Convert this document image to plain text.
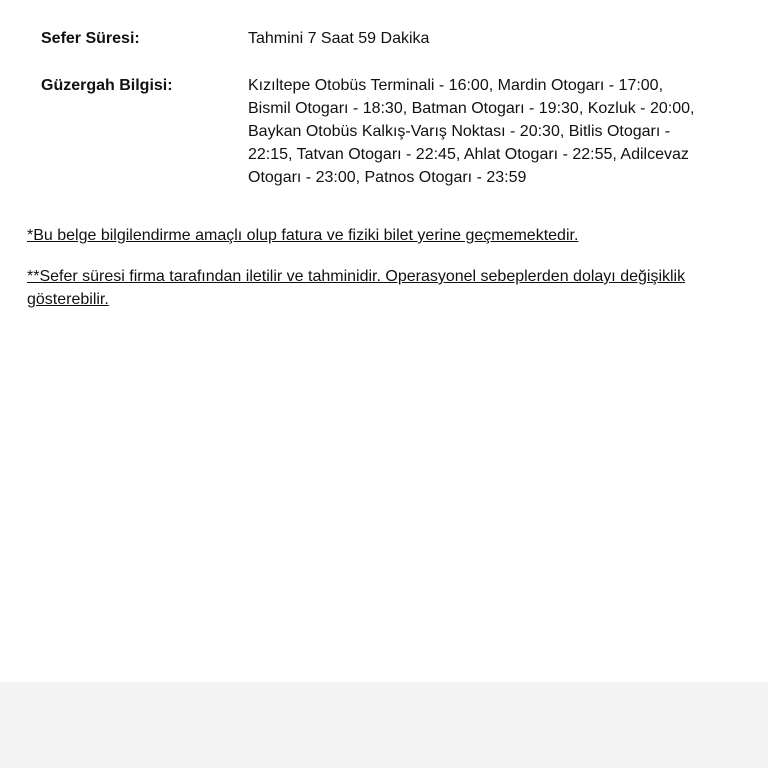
Sefer Süresi:	Tahmini 7 Saat 59 Dakika
Güzergah Bilgisi:	Kızıltepe Otobüs Terminali - 16:00, Mardin Otogarı - 17:00, Bismil Otogarı - 18:30, Batman Otogarı - 19:30, Kozluk - 20:00, Baykan Otobüs Kalkış-Varış Noktası - 20:30, Bitlis Otogarı - 22:15, Tatvan Otogarı - 22:45, Ahlat Otogarı - 22:55, Adilcevaz Otogarı - 23:00, Patnos Otogarı - 23:59
*Bu belge bilgilendirme amaçlı olup fatura ve fiziki bilet yerine geçmemektedir.
**Sefer süresi firma tarafından iletilir ve tahminidir. Operasyonel sebeplerden dolayı değişiklik gösterebilir.
